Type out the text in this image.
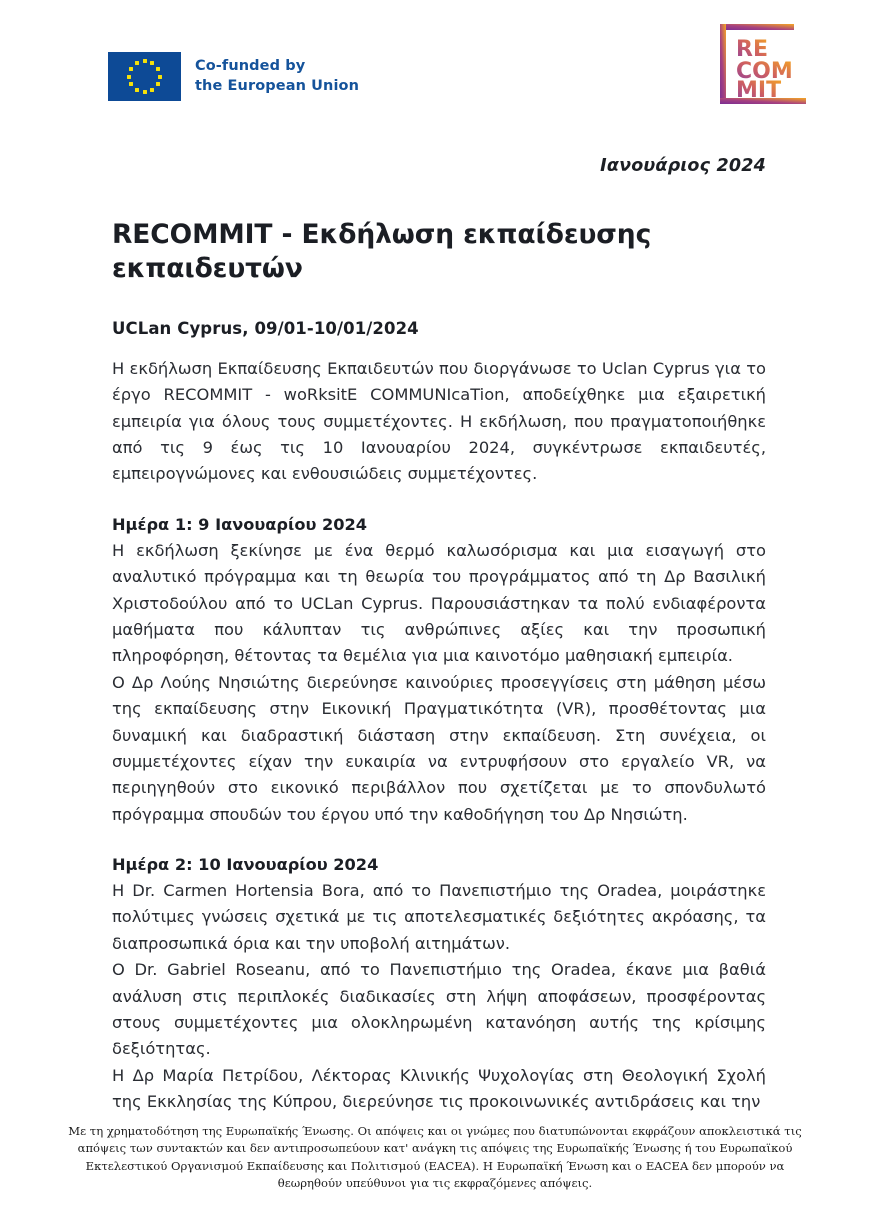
Co-funded by
the European Union
RE
COM
MIT
Ιανουάριος 2024
RECOMMIT - Εκδήλωση εκπαίδευσης εκπαιδευτών
UCLan Cyprus, 09/01-10/01/2024

Η εκδήλωση Εκπαίδευσης Εκπαιδευτών που διοργάνωσε το Uclan Cyprus για το έργο RECOMMIT - woRksitE COMMUNIcaTion, αποδείχθηκε μια εξαιρετική εμπειρία για όλους τους συμμετέχοντες. Η εκδήλωση, που πραγματοποιήθηκε από τις 9 έως τις 10 Ιανουαρίου 2024, συγκέντρωσε εκπαιδευτές, εμπειρογνώμονες και ενθουσιώδεις συμμετέχοντες.

Ημέρα 1: 9 Ιανουαρίου 2024

Η εκδήλωση ξεκίνησε με ένα θερμό καλωσόρισμα και μια εισαγωγή στο αναλυτικό πρόγραμμα και τη θεωρία του προγράμματος από τη Δρ Βασιλική Χριστοδούλου από το UCLan Cyprus. Παρουσιάστηκαν τα πολύ ενδιαφέροντα μαθήματα που κάλυπταν τις ανθρώπινες αξίες και την προσωπική πληροφόρηση, θέτοντας τα θεμέλια για μια καινοτόμο μαθησιακή εμπειρία.

Ο Δρ Λούης Νησιώτης διερεύνησε καινούριες προσεγγίσεις στη μάθηση μέσω της εκπαίδευσης στην Εικονική Πραγματικότητα (VR), προσθέτοντας μια δυναμική και διαδραστική διάσταση στην εκπαίδευση. Στη συνέχεια, οι συμμετέχοντες είχαν την ευκαιρία να εντρυφήσουν στο εργαλείο VR, να περιηγηθούν στο εικονικό περιβάλλον που σχετίζεται με το σπονδυλωτό πρόγραμμα σπουδών του έργου υπό την καθοδήγηση του Δρ Νησιώτη.

Ημέρα 2: 10 Ιανουαρίου 2024

Η Dr. Carmen Hortensia Bora, από το Πανεπιστήμιο της Oradea, μοιράστηκε πολύτιμες γνώσεις σχετικά με τις αποτελεσματικές δεξιότητες ακρόασης, τα διαπροσωπικά όρια και την υποβολή αιτημάτων.

Ο Dr. Gabriel Roseanu, από το Πανεπιστήμιο της Oradea, έκανε μια βαθιά ανάλυση στις περιπλοκές διαδικασίες στη λήψη αποφάσεων, προσφέροντας στους συμμετέχοντες μια ολοκληρωμένη κατανόηση αυτής της κρίσιμης δεξιότητας.

Η Δρ Μαρία Πετρίδου, Λέκτορας Κλινικής Ψυχολογίας στη Θεολογική Σχολή της Εκκλησίας της Κύπρου, διερεύνησε τις προκοινωνικές αντιδράσεις και την

Με τη χρηματοδότηση της Ευρωπαϊκής Ένωσης. Οι απόψεις και οι γνώμες που διατυπώνονται εκφράζουν αποκλειστικά τις απόψεις των συντακτών και δεν αντιπροσωπεύουν κατ' ανάγκη τις απόψεις της Ευρωπαϊκής Ένωσης ή του Ευρωπαϊκού Εκτελεστικού Οργανισμού Εκπαίδευσης και Πολιτισμού (EACEA). Η Ευρωπαϊκή Ένωση και ο EACEA δεν μπορούν να θεωρηθούν υπεύθυνοι για τις εκφραζόμενες απόψεις.
